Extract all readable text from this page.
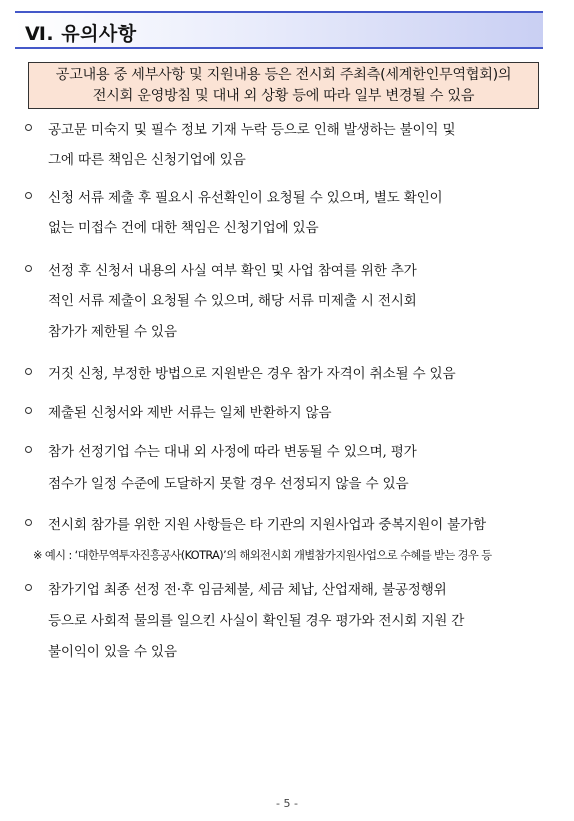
Ⅵ. 유의사항
공고내용 중 세부사항 및 지원내용 등은 전시회 주최측(세계한인무역협회)의
전시회 운영방침 및 대내 외 상황 등에 따라 일부 변경될 수 있음
공고문 미숙지 및 필수 정보 기재 누락 등으로 인해 발생하는 불이익 및
그에 따른 책임은 신청기업에 있음
신청 서류 제출 후 필요시 유선확인이 요청될 수 있으며, 별도 확인이
없는 미접수 건에 대한 책임은 신청기업에 있음
선정 후 신청서 내용의 사실 여부 확인 및 사업 참여를 위한 추가
적인 서류 제출이 요청될 수 있으며, 해당 서류 미제출 시 전시회
참가가 제한될 수 있음
거짓 신청, 부정한 방법으로 지원받은 경우 참가 자격이 취소될 수 있음
제출된 신청서와 제반 서류는 일체 반환하지 않음
참가 선정기업 수는 대내 외 사정에 따라 변동될 수 있으며, 평가
점수가 일정 수준에 도달하지 못할 경우 선정되지 않을 수 있음
전시회 참가를 위한 지원 사항들은 타 기관의 지원사업과 중복지원이 불가함
※ 예시 : ‘대한무역투자진흥공사(KOTRA)’의 해외전시회 개별참가지원사업으로 수혜를 받는 경우 등
참가기업 최종 선정 전·후 임금체불, 세금 체납, 산업재해, 불공정행위
등으로 사회적 물의를 일으킨 사실이 확인될 경우 평가와 전시회 지원 간
불이익이 있을 수 있음
- 5 -
